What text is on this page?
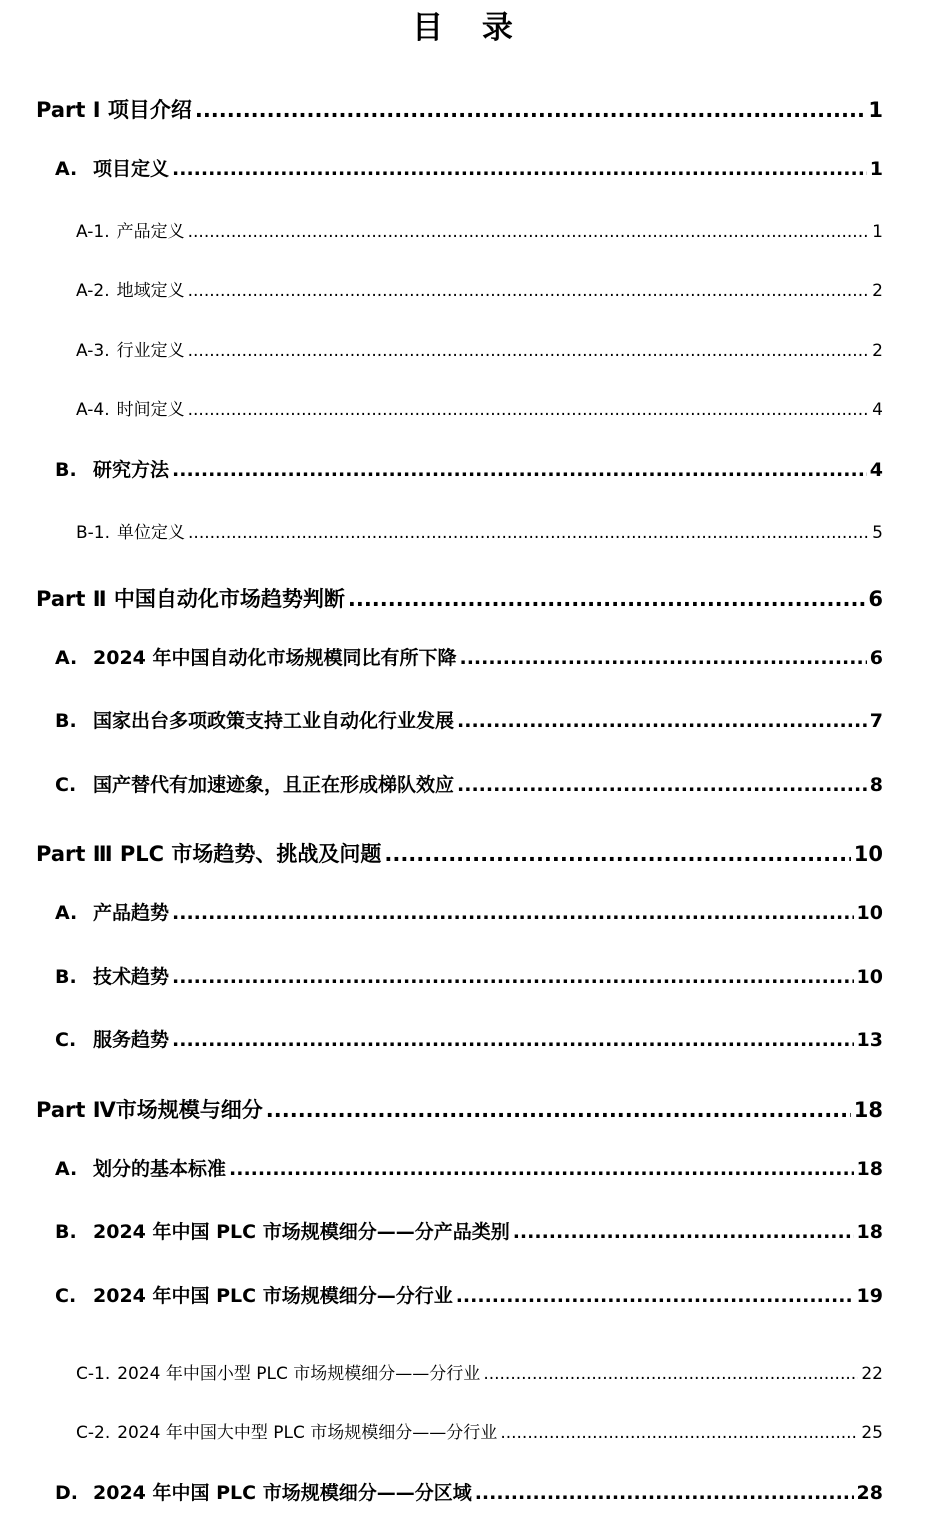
目 录
Part Ⅰ 项目介绍 .....	1
A. 项目定义 .....	1
A-1. 产品定义 .....	1
A-2. 地域定义 .....	2
A-3. 行业定义 .....	2
A-4. 时间定义 .....	4
B. 研究方法 .....	4
B-1. 单位定义 .....	5
Part Ⅱ 中国自动化市场趋势判断 .....	6
A. 2024 年中国自动化市场规模同比有所下降 .....	6
B. 国家出台多项政策支持工业自动化行业发展 .....	7
C. 国产替代有加速迹象，且正在形成梯队效应 .....	8
Part Ⅲ PLC 市场趋势、挑战及问题 .....	10
A. 产品趋势 .....	10
B. 技术趋势 .....	10
C. 服务趋势 .....	13
Part Ⅳ市场规模与细分 .....	18
A. 划分的基本标准 .....	18
B. 2024 年中国 PLC 市场规模细分——分产品类别 .....	18
C. 2024 年中国 PLC 市场规模细分—分行业 .....	19
C-1. 2024 年中国小型 PLC 市场规模细分——分行业 .....	22
C-2. 2024 年中国大中型 PLC 市场规模细分——分行业 .....	25
D. 2024 年中国 PLC 市场规模细分——分区域 .....	28
